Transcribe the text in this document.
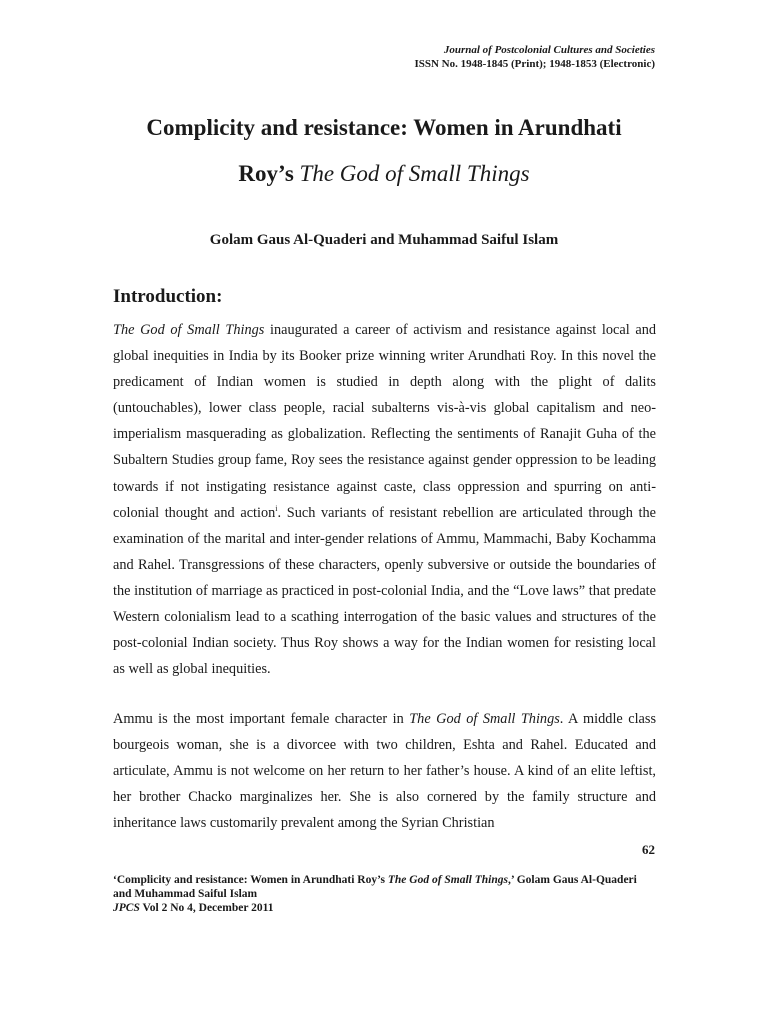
Journal of Postcolonial Cultures and Societies
ISSN No. 1948-1845 (Print); 1948-1853 (Electronic)
Complicity and resistance: Women in Arundhati
Roy’s The God of Small Things
Golam Gaus Al-Quaderi and Muhammad Saiful Islam
Introduction:
The God of Small Things inaugurated a career of activism and resistance against local and global inequities in India by its Booker prize winning writer Arundhati Roy. In this novel the predicament of Indian women is studied in depth along with the plight of dalits (untouchables), lower class people, racial subalterns vis-à-vis global capitalism and neo-imperialism masquerading as globalization. Reflecting the sentiments of Ranajit Guha of the Subaltern Studies group fame, Roy sees the resistance against gender oppression to be leading towards if not instigating resistance against caste, class oppression and spurring on anti-colonial thought and action$^i$. Such variants of resistant rebellion are articulated through the examination of the marital and inter-gender relations of Ammu, Mammachi, Baby Kochamma and Rahel. Transgressions of these characters, openly subversive or outside the boundaries of the institution of marriage as practiced in post-colonial India, and the “Love laws” that predate Western colonialism lead to a scathing interrogation of the basic values and structures of the post-colonial Indian society. Thus Roy shows a way for the Indian women for resisting local as well as global inequities.
Ammu is the most important female character in The God of Small Things. A middle class bourgeois woman, she is a divorcee with two children, Eshta and Rahel. Educated and articulate, Ammu is not welcome on her return to her father’s house. A kind of an elite leftist, her brother Chacko marginalizes her. She is also cornered by the family structure and inheritance laws customarily prevalent among the Syrian Christian
62
‘Complicity and resistance: Women in Arundhati Roy’s The God of Small Things,’ Golam Gaus Al-Quaderi and Muhammad Saiful Islam
JPCS Vol 2 No 4, December 2011
